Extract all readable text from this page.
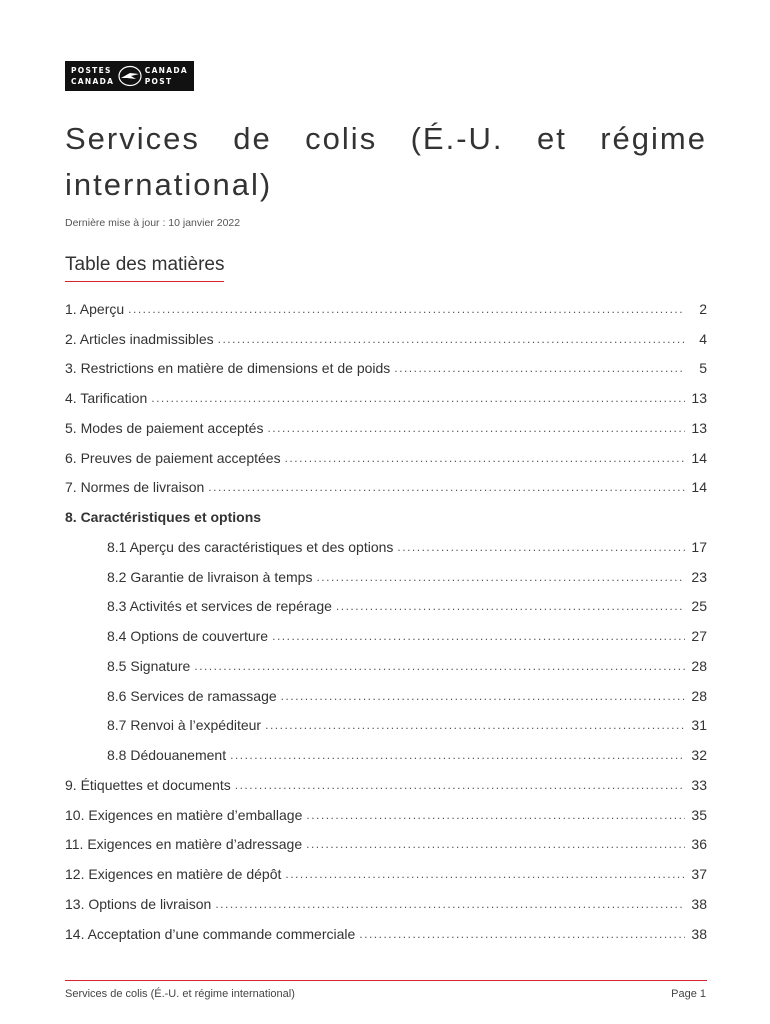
POSTES
CANADA
CANADA
POST
Services de colis (É.-U. et régime international)
Dernière mise à jour : 10 janvier 2022
Table des matières
1. Aperçu .....	2
2. Articles inadmissibles .....	4
3. Restrictions en matière de dimensions et de poids .....	5
4. Tarification .....	13
5. Modes de paiement acceptés .....	13
6. Preuves de paiement acceptées .....	14
7. Normes de livraison .....	14
8. Caractéristiques et options
8.1 Aperçu des caractéristiques et des options .....	17
8.2 Garantie de livraison à temps .....	23
8.3 Activités et services de repérage .....	25
8.4 Options de couverture .....	27
8.5 Signature .....	28
8.6 Services de ramassage .....	28
8.7 Renvoi à l’expéditeur .....	31
8.8 Dédouanement .....	32
9. Étiquettes et documents .....	33
10. Exigences en matière d’emballage .....	35
11. Exigences en matière d’adressage .....	36
12. Exigences en matière de dépôt .....	37
13. Options de livraison .....	38
14. Acceptation d’une commande commerciale .....	38
Services de colis (É.-U. et régime international)	Page 1
